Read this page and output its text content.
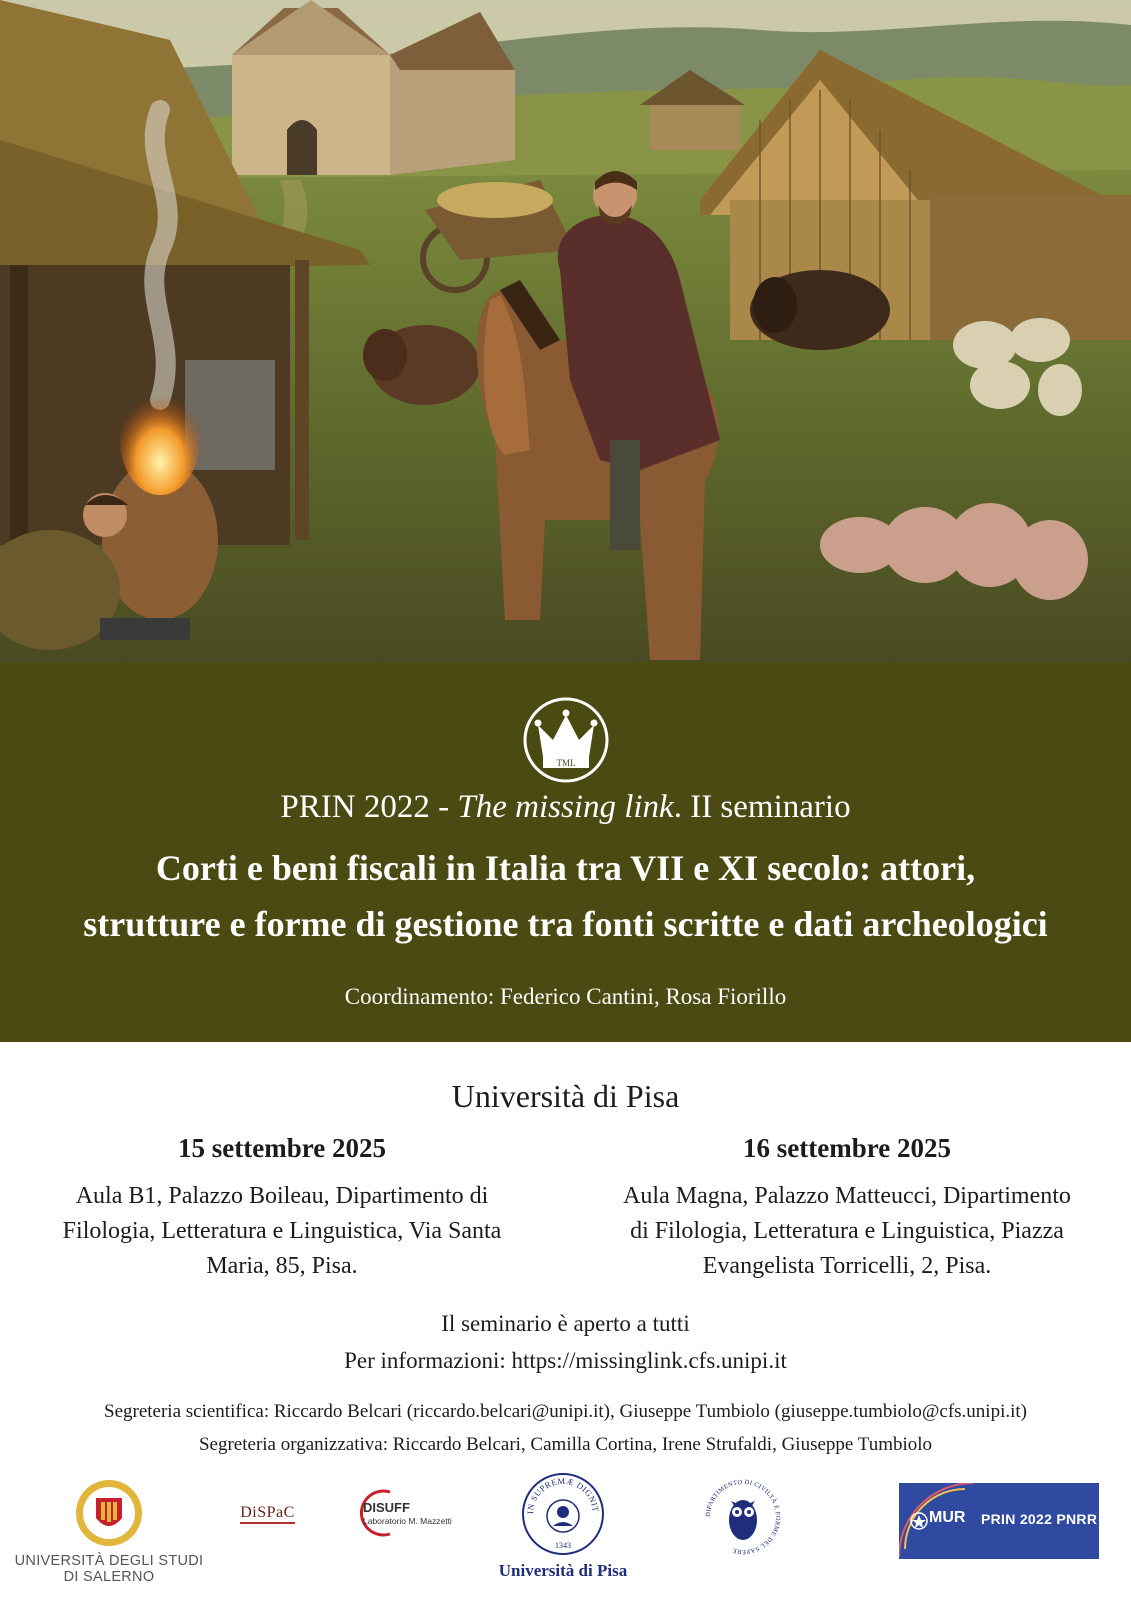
TML
PRIN 2022 - The missing link. II seminario
Corti e beni fiscali in Italia tra VII e XI secolo: attori,
strutture e forme di gestione tra fonti scritte e dati archeologici
Coordinamento: Federico Cantini, Rosa Fiorillo
Università di Pisa
15 settembre 2025
Aula B1, Palazzo Boileau, Dipartimento di
Filologia, Letteratura e Linguistica, Via Santa
Maria, 85, Pisa.
16 settembre 2025
Aula Magna, Palazzo Matteucci, Dipartimento
di Filologia, Letteratura e Linguistica, Piazza
Evangelista Torricelli, 2, Pisa.
Il seminario è aperto a tutti
Per informazioni: https://missinglink.cfs.unipi.it
Segreteria scientifica: Riccardo Belcari (riccardo.belcari@unipi.it), Giuseppe Tumbiolo (giuseppe.tumbiolo@cfs.unipi.it)
Segreteria organizzativa: Riccardo Belcari, Camilla Cortina, Irene Strufaldi, Giuseppe Tumbiolo
UNIVERSITÀ DEGLI STUDI
DI SALERNO
DiSPaC	DISUFF
Laboratorio M. Mazzetti
IN SUPREMÆ DIGNIT
1343
Università di Pisa
DIPARTIMENTO DI CIVILTÀ E FORME DEL SAPERE
MUR PRIN 2022 PNRR
